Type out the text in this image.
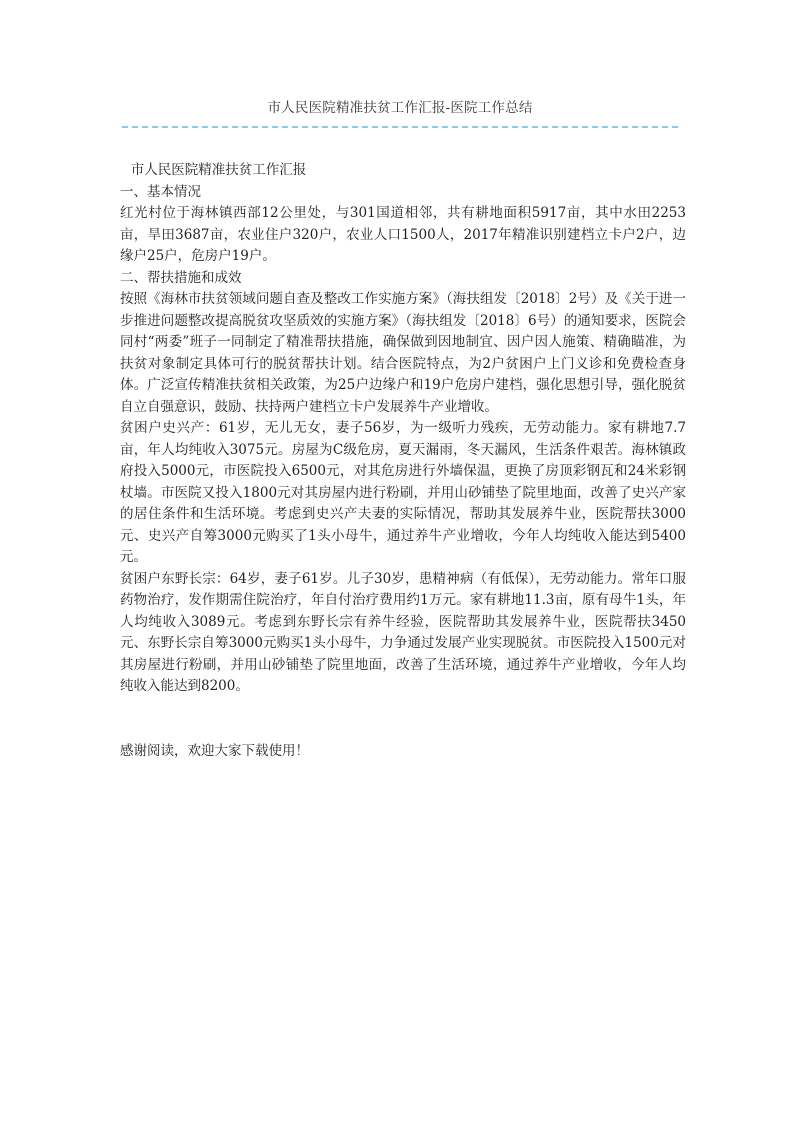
市人民医院精准扶贫工作汇报-医院工作总结

市人民医院精准扶贫工作汇报

一、基本情况

红光村位于海林镇西部12公里处，与301国道相邻，共有耕地面积5917亩，其中水田2253亩，旱田3687亩，农业住户320户，农业人口1500人，2017年精准识别建档立卡户2户，边缘户25户，危房户19户。

二、帮扶措施和成效

按照《海林市扶贫领域问题自查及整改工作实施方案》（海扶组发〔2018〕2号）及《关于进一步推进问题整改提高脱贫攻坚质效的实施方案》（海扶组发〔2018〕6号）的通知要求，医院会同村“两委”班子一同制定了精准帮扶措施，确保做到因地制宜、因户因人施策、精确瞄准，为扶贫对象制定具体可行的脱贫帮扶计划。结合医院特点，为2户贫困户上门义诊和免费检查身体。广泛宣传精准扶贫相关政策，为25户边缘户和19户危房户建档，强化思想引导，强化脱贫自立自强意识，鼓励、扶持两户建档立卡户发展养牛产业增收。

贫困户史兴产：61岁，无儿无女，妻子56岁，为一级听力残疾，无劳动能力。家有耕地7.7亩，年人均纯收入3075元。房屋为C级危房，夏天漏雨，冬天漏风，生活条件艰苦。海林镇政府投入5000元，市医院投入6500元，对其危房进行外墙保温，更换了房顶彩钢瓦和24米彩钢杖墙。市医院又投入1800元对其房屋内进行粉刷，并用山砂铺垫了院里地面，改善了史兴产家的居住条件和生活环境。考虑到史兴产夫妻的实际情况，帮助其发展养牛业，医院帮扶3000元、史兴产自筹3000元购买了1头小母牛，通过养牛产业增收，今年人均纯收入能达到5400元。

贫困户东野长宗：64岁，妻子61岁。儿子30岁，患精神病（有低保），无劳动能力。常年口服药物治疗，发作期需住院治疗，年自付治疗费用约1万元。家有耕地11.3亩，原有母牛1头，年人均纯收入3089元。考虑到东野长宗有养牛经验，医院帮助其发展养牛业，医院帮扶3450元、东野长宗自筹3000元购买1头小母牛，力争通过发展产业实现脱贫。市医院投入1500元对其房屋进行粉刷，并用山砂铺垫了院里地面，改善了生活环境，通过养牛产业增收，今年人均纯收入能达到8200。

感谢阅读，欢迎大家下载使用！
